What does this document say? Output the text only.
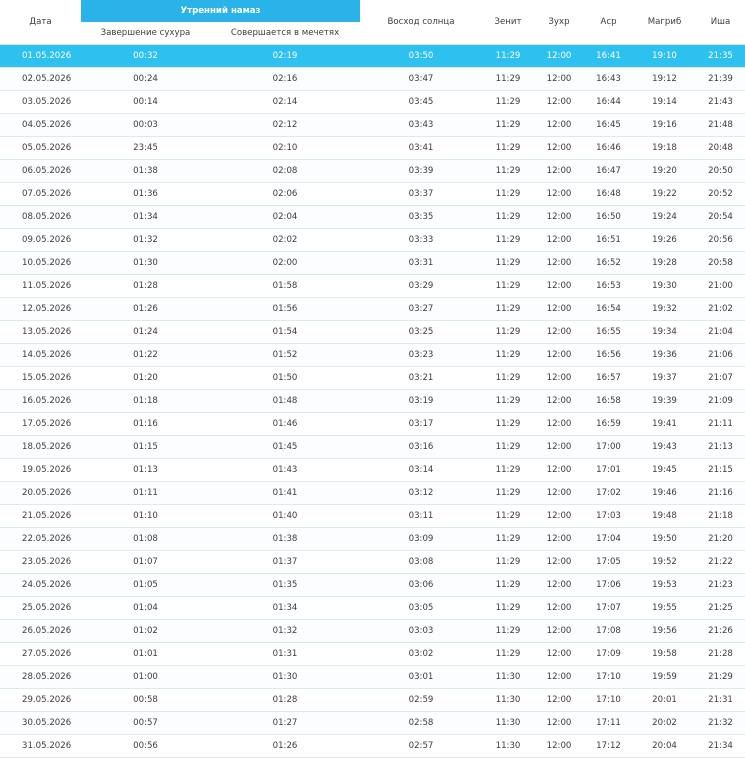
Дата	Утренний намаз		Восход солнца	Зенит	Зухр	Аср	Магриб	Иша
	Завершение сухура	Совершается в мечетях						
01.05.2026	00:32	02:19	03:50	11:29	12:00	16:41	19:10	21:35
02.05.2026	00:24	02:16	03:47	11:29	12:00	16:43	19:12	21:39
03.05.2026	00:14	02:14	03:45	11:29	12:00	16:44	19:14	21:43
04.05.2026	00:03	02:12	03:43	11:29	12:00	16:45	19:16	21:48
05.05.2026	23:45	02:10	03:41	11:29	12:00	16:46	19:18	20:48
06.05.2026	01:38	02:08	03:39	11:29	12:00	16:47	19:20	20:50
07.05.2026	01:36	02:06	03:37	11:29	12:00	16:48	19:22	20:52
08.05.2026	01:34	02:04	03:35	11:29	12:00	16:50	19:24	20:54
09.05.2026	01:32	02:02	03:33	11:29	12:00	16:51	19:26	20:56
10.05.2026	01:30	02:00	03:31	11:29	12:00	16:52	19:28	20:58
11.05.2026	01:28	01:58	03:29	11:29	12:00	16:53	19:30	21:00
12.05.2026	01:26	01:56	03:27	11:29	12:00	16:54	19:32	21:02
13.05.2026	01:24	01:54	03:25	11:29	12:00	16:55	19:34	21:04
14.05.2026	01:22	01:52	03:23	11:29	12:00	16:56	19:36	21:06
15.05.2026	01:20	01:50	03:21	11:29	12:00	16:57	19:37	21:07
16.05.2026	01:18	01:48	03:19	11:29	12:00	16:58	19:39	21:09
17.05.2026	01:16	01:46	03:17	11:29	12:00	16:59	19:41	21:11
18.05.2026	01:15	01:45	03:16	11:29	12:00	17:00	19:43	21:13
19.05.2026	01:13	01:43	03:14	11:29	12:00	17:01	19:45	21:15
20.05.2026	01:11	01:41	03:12	11:29	12:00	17:02	19:46	21:16
21.05.2026	01:10	01:40	03:11	11:29	12:00	17:03	19:48	21:18
22.05.2026	01:08	01:38	03:09	11:29	12:00	17:04	19:50	21:20
23.05.2026	01:07	01:37	03:08	11:29	12:00	17:05	19:52	21:22
24.05.2026	01:05	01:35	03:06	11:29	12:00	17:06	19:53	21:23
25.05.2026	01:04	01:34	03:05	11:29	12:00	17:07	19:55	21:25
26.05.2026	01:02	01:32	03:03	11:29	12:00	17:08	19:56	21:26
27.05.2026	01:01	01:31	03:02	11:29	12:00	17:09	19:58	21:28
28.05.2026	01:00	01:30	03:01	11:30	12:00	17:10	19:59	21:29
29.05.2026	00:58	01:28	02:59	11:30	12:00	17:10	20:01	21:31
30.05.2026	00:57	01:27	02:58	11:30	12:00	17:11	20:02	21:32
31.05.2026	00:56	01:26	02:57	11:30	12:00	17:12	20:04	21:34
